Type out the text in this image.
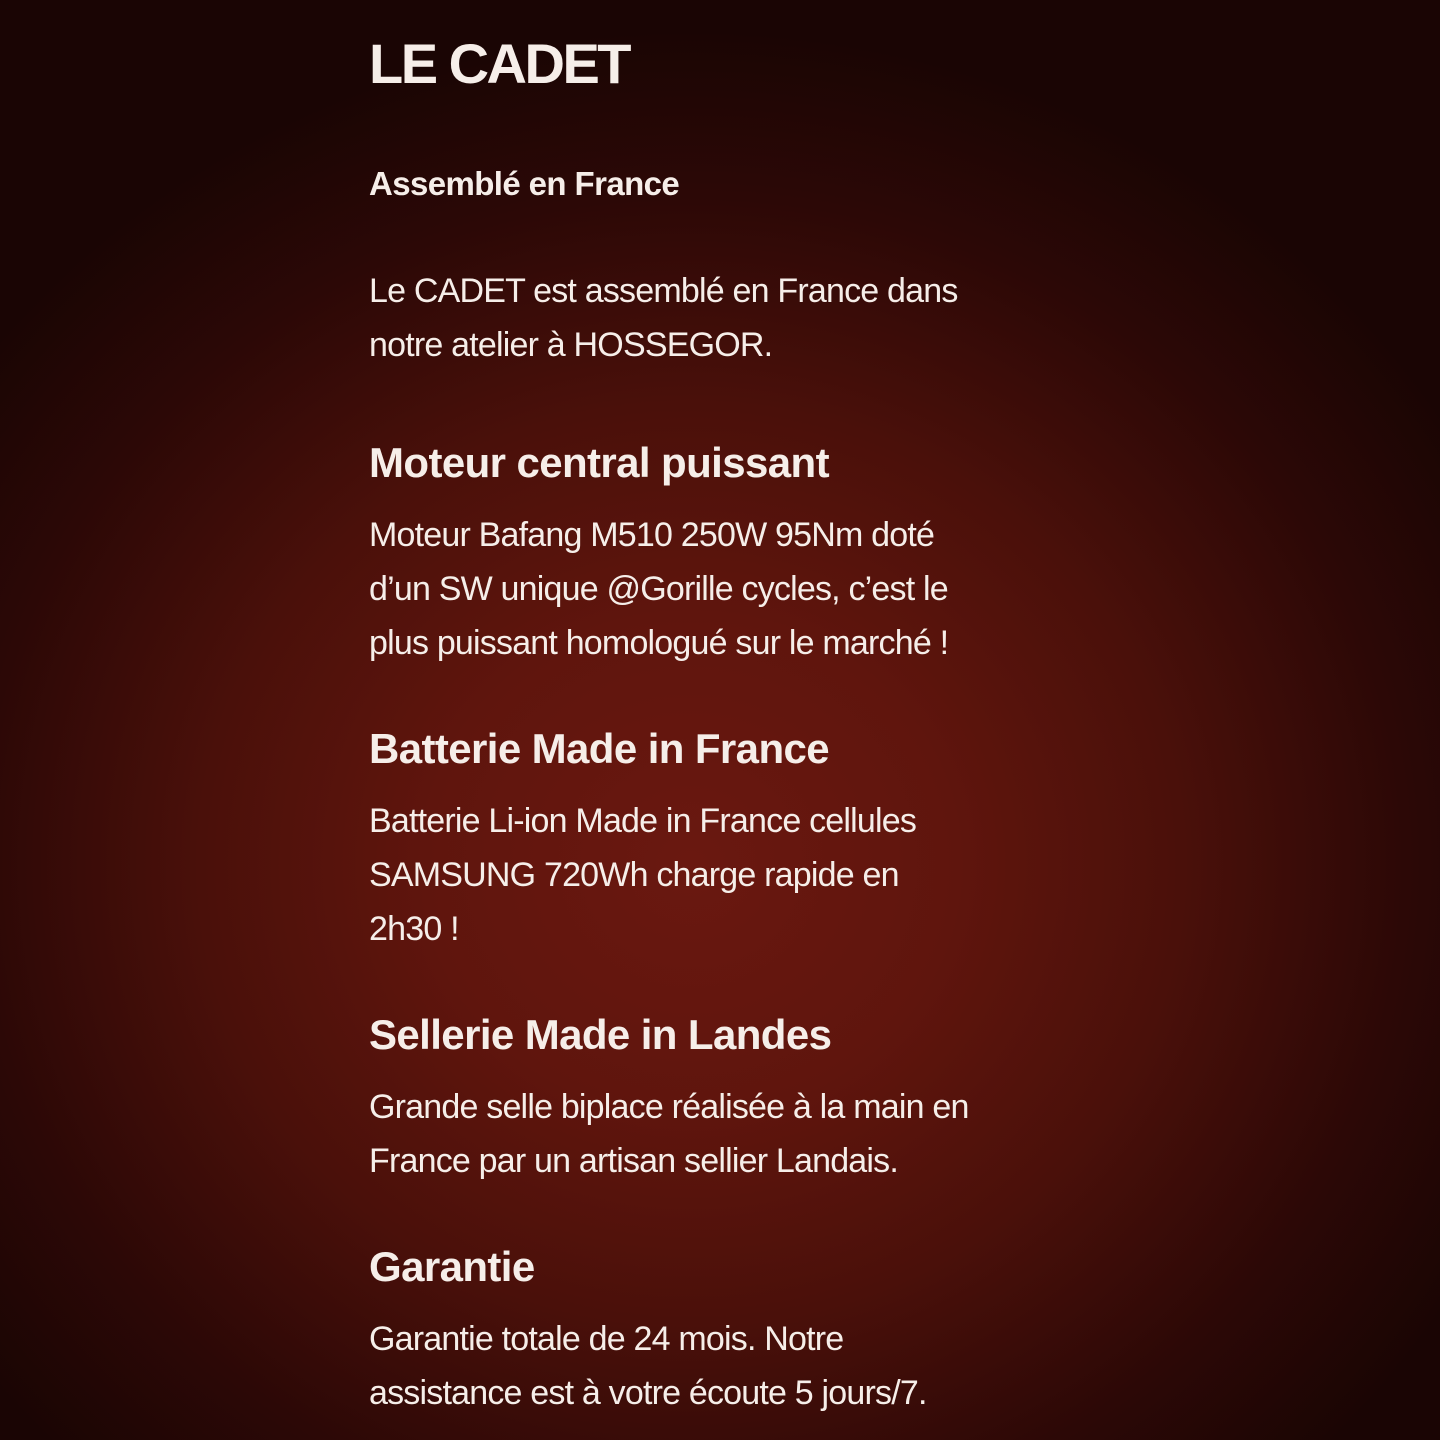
LE CADET
Assemblé en France

Le CADET est assemblé en France dans
notre atelier à HOSSEGOR.

Moteur central puissant

Moteur Bafang M510 250W 95Nm doté
d’un SW unique @Gorille cycles, c’est le
plus puissant homologué sur le marché !

Batterie Made in France

Batterie Li-ion Made in France cellules
SAMSUNG 720Wh charge rapide en
2h30 !

Sellerie Made in Landes

Grande selle biplace réalisée à la main en
France par un artisan sellier Landais.

Garantie

Garantie totale de 24 mois. Notre
assistance est à votre écoute 5 jours/7.
